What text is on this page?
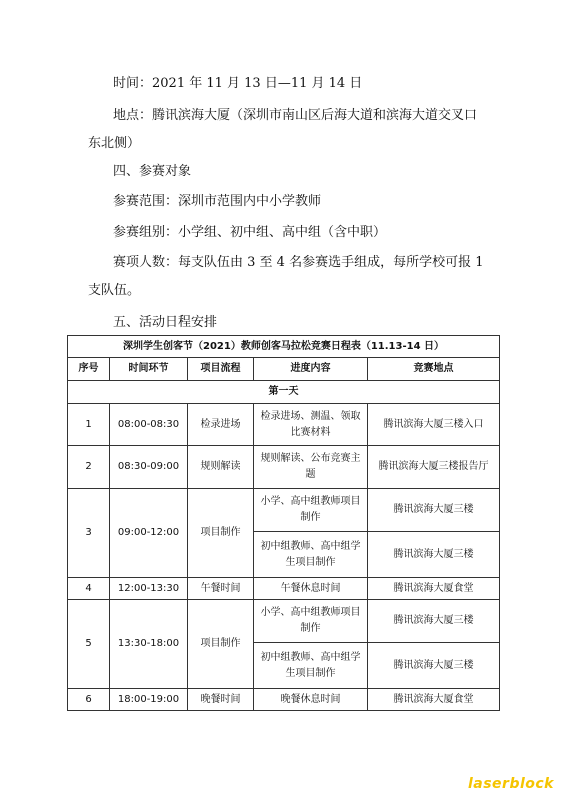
时间：2021 年 11 月 13 日—11 月 14 日
地点：腾讯滨海大厦（深圳市南山区后海大道和滨海大道交叉口
东北侧）
四、参赛对象
参赛范围：深圳市范围内中小学教师
参赛组别：小学组、初中组、高中组（含中职）
赛项人数：每支队伍由 3 至 4 名参赛选手组成，每所学校可报 1
支队伍。
五、活动日程安排
深圳学生创客节（2021）教师创客马拉松竞赛日程表（11.13-14 日）				
序号	时间环节	项目流程	进度内容	竞赛地点
第一天				
1	08:00-08:30	检录进场	检录进场、测温、领取比赛材料	腾讯滨海大厦三楼入口
2	08:30-09:00	规则解读	规则解读、公布竞赛主题	腾讯滨海大厦三楼报告厅
3	09:00-12:00	项目制作	小学、高中组教师项目制作	腾讯滨海大厦三楼
			初中组教师、高中组学生项目制作	腾讯滨海大厦三楼
4	12:00-13:30	午餐时间	午餐休息时间	腾讯滨海大厦食堂
5	13:30-18:00	项目制作	小学、高中组教师项目制作	腾讯滨海大厦三楼
			初中组教师、高中组学生项目制作	腾讯滨海大厦三楼
6	18:00-19:00	晚餐时间	晚餐休息时间	腾讯滨海大厦食堂
laserblock
